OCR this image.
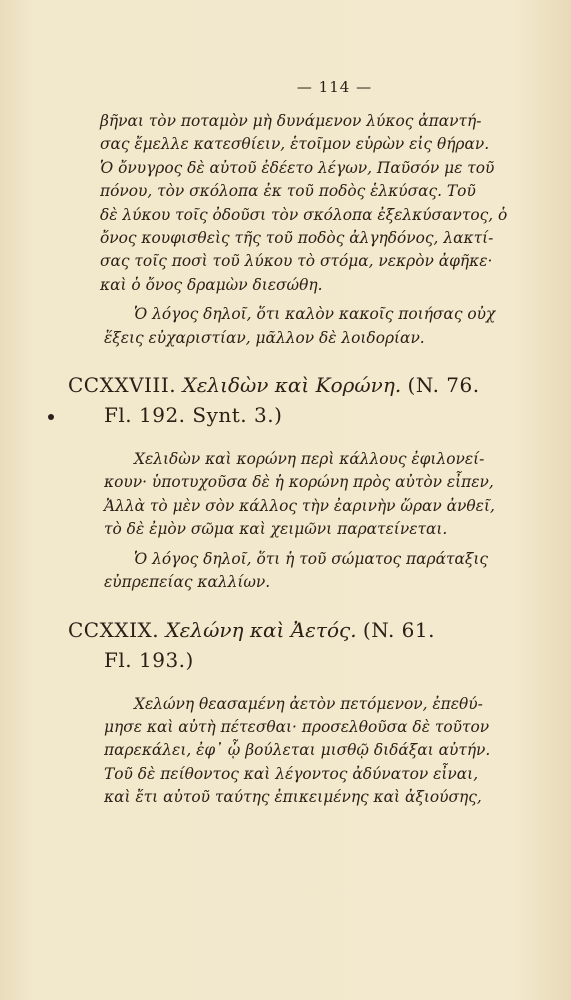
— 114 —
βῆναι τὸν ποταμὸν μὴ δυνάμενον λύκος ἀπαντή-
σας ἔμελλε κατεσθίειν, ἑτοῖμον εὑρὼν εἰς θήραν.
Ὁ ὄνυγρος δὲ αὐτοῦ ἐδέετο λέγων, Παῦσόν με τοῦ
πόνου, τὸν σκόλοπα ἐκ τοῦ ποδὸς ἑλκύσας. Τοῦ
δὲ λύκου τοῖς ὀδοῦσι τὸν σκόλοπα ἐξελκύσαντος, ὁ
ὄνος κουφισθεὶς τῆς τοῦ ποδὸς ἀλγηδόνος, λακτί-
σας τοῖς ποσὶ τοῦ λύκου τὸ στόμα, νεκρὸν ἀφῆκε·
καὶ ὁ ὄνος δραμὼν διεσώθη.
Ὁ λόγος δηλοῖ, ὅτι καλὸν κακοῖς ποιήσας οὐχ
ἕξεις εὐχαριστίαν, μᾶλλον δὲ λοιδορίαν.
CCXXVIII. Χελιδὼν καὶ Κορώνη. (N. 76.
Fl. 192. Synt. 3.)
Χελιδὼν καὶ κορώνη περὶ κάλλους ἐφιλονεί-
κουν· ὑποτυχοῦσα δὲ ἡ κορώνη πρὸς αὐτὸν εἶπεν,
Ἀλλὰ τὸ μὲν σὸν κάλλος τὴν ἐαρινὴν ὥραν ἀνθεῖ,
τὸ δὲ ἐμὸν σῶμα καὶ χειμῶνι παρατείνεται.
Ὁ λόγος δηλοῖ, ὅτι ἡ τοῦ σώματος παράταξις
εὐπρεπείας καλλίων.
CCXXIX. Χελώνη καὶ Ἀετός. (N. 61.
Fl. 193.)
Χελώνη θεασαμένη ἀετὸν πετόμενον, ἐπεθύ-
μησε καὶ αὐτὴ πέτεσθαι· προσελθοῦσα δὲ τοῦτον
παρεκάλει, ἐφ᾽ ᾧ βούλεται μισθῷ διδάξαι αὐτήν.
Τοῦ δὲ πείθοντος καὶ λέγοντος ἀδύνατον εἶναι,
καὶ ἔτι αὐτοῦ ταύτης ἐπικειμένης καὶ ἀξιούσης,
